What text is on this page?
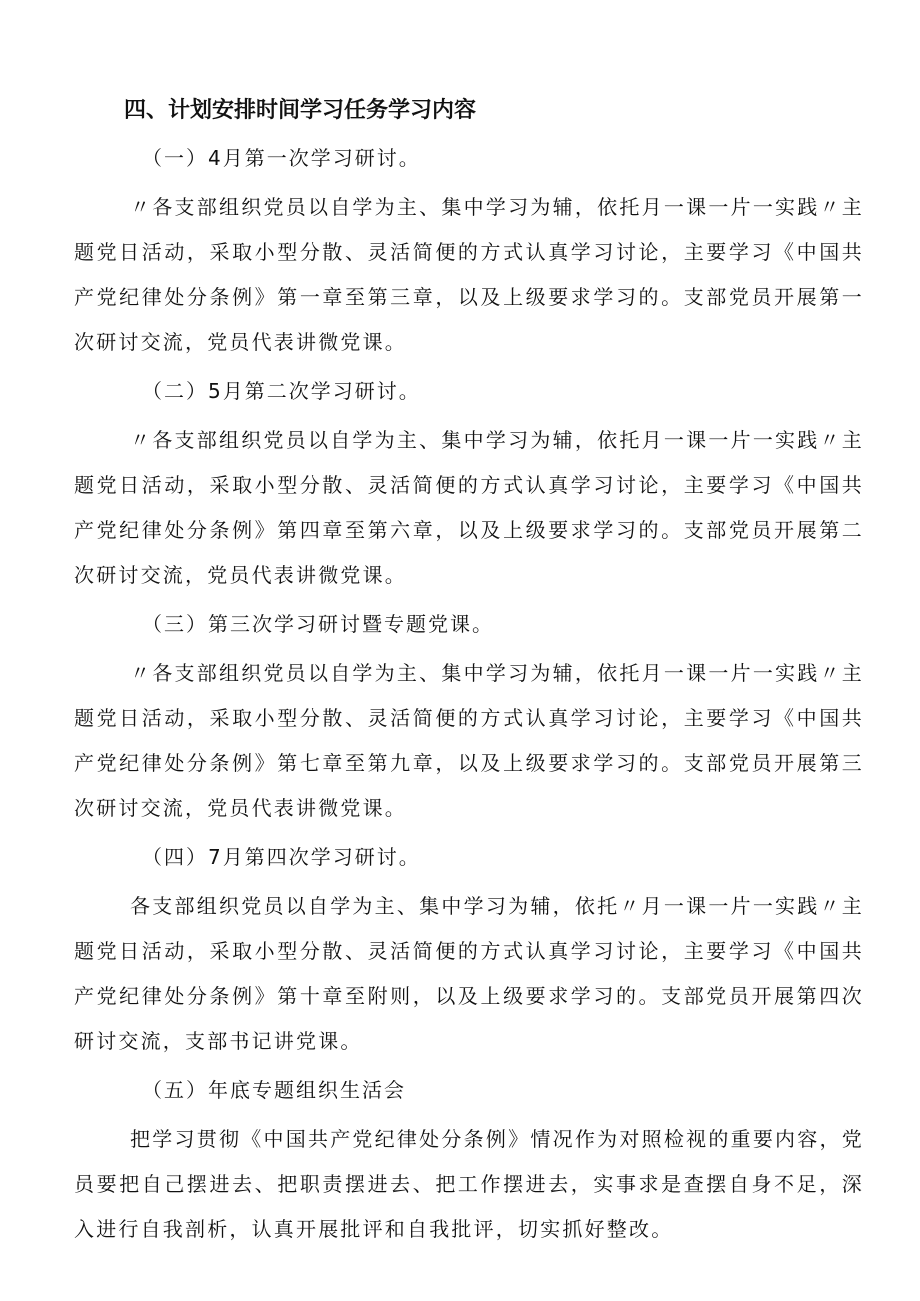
四、计划安排时间学习任务学习内容

（一）4月第一次学习研讨。

〃各支部组织党员以自学为主、集中学习为辅，依托月一课一片一实践〃主题党日活动，采取小型分散、灵活简便的方式认真学习讨论，主要学习《中国共产党纪律处分条例》第一章至第三章，以及上级要求学习的。支部党员开展第一次研讨交流，党员代表讲微党课。

（二）5月第二次学习研讨。

〃各支部组织党员以自学为主、集中学习为辅，依托月一课一片一实践〃主题党日活动，采取小型分散、灵活简便的方式认真学习讨论，主要学习《中国共产党纪律处分条例》第四章至第六章，以及上级要求学习的。支部党员开展第二次研讨交流，党员代表讲微党课。

（三）第三次学习研讨暨专题党课。

〃各支部组织党员以自学为主、集中学习为辅，依托月一课一片一实践〃主题党日活动，采取小型分散、灵活简便的方式认真学习讨论，主要学习《中国共产党纪律处分条例》第七章至第九章，以及上级要求学习的。支部党员开展第三次研讨交流，党员代表讲微党课。

（四）7月第四次学习研讨。

各支部组织党员以自学为主、集中学习为辅，依托〃月一课一片一实践〃主题党日活动，采取小型分散、灵活简便的方式认真学习讨论，主要学习《中国共产党纪律处分条例》第十章至附则，以及上级要求学习的。支部党员开展第四次研讨交流，支部书记讲党课。

（五）年底专题组织生活会

把学习贯彻《中国共产党纪律处分条例》情况作为对照检视的重要内容，党员要把自己摆进去、把职责摆进去、把工作摆进去，实事求是查摆自身不足，深入进行自我剖析，认真开展批评和自我批评，切实抓好整改。
